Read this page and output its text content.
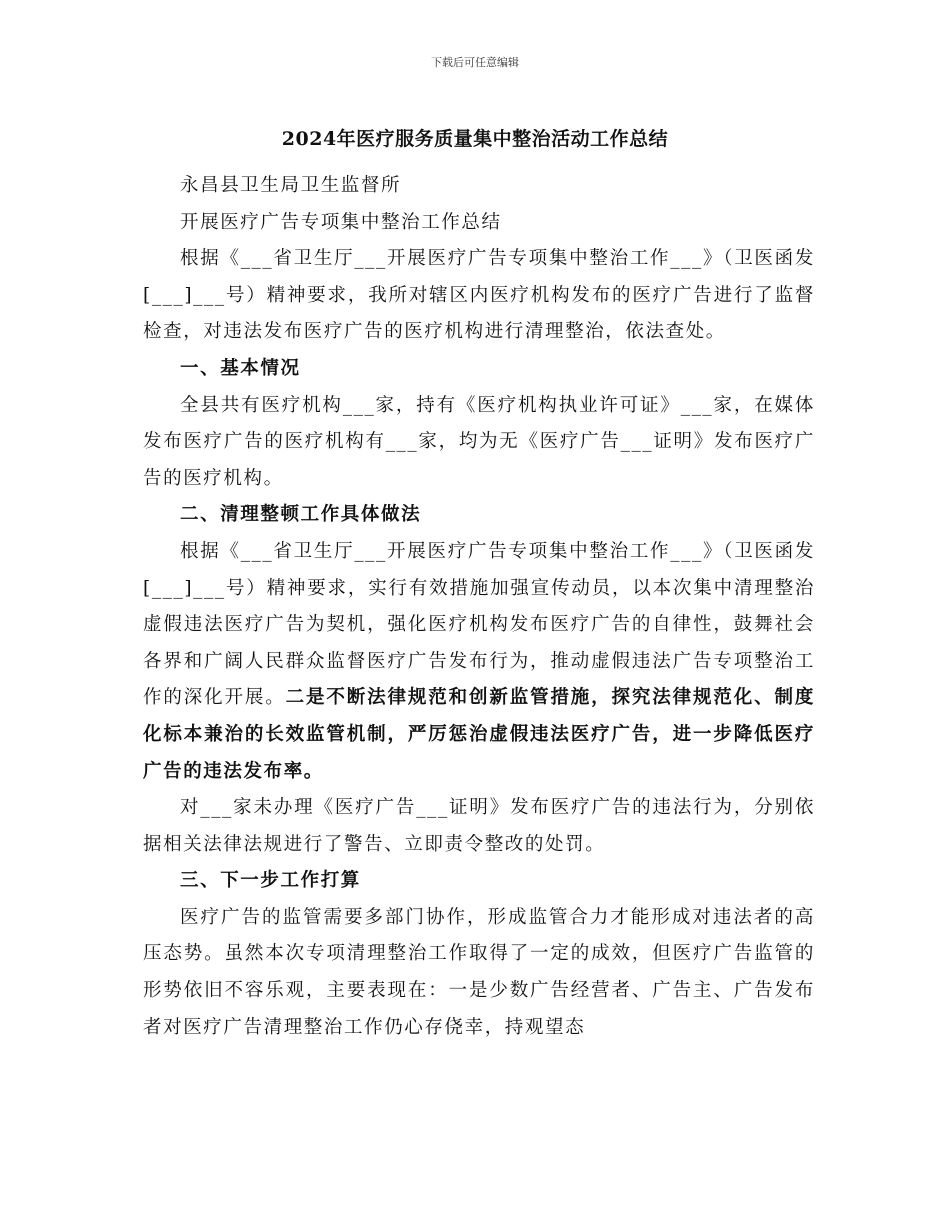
下载后可任意编辑
2024年医疗服务质量集中整治活动工作总结

永昌县卫生局卫生监督所

开展医疗广告专项集中整治工作总结

根据《___省卫生厅___开展医疗广告专项集中整治工作___》（卫医函发[___]___号）精神要求，我所对辖区内医疗机构发布的医疗广告进行了监督检查，对违法发布医疗广告的医疗机构进行清理整治，依法查处。

一、基本情况

全县共有医疗机构___家，持有《医疗机构执业许可证》___家，在媒体发布医疗广告的医疗机构有___家，均为无《医疗广告___证明》发布医疗广告的医疗机构。

二、清理整顿工作具体做法

根据《___省卫生厅___开展医疗广告专项集中整治工作___》（卫医函发[___]___号）精神要求，实行有效措施加强宣传动员，以本次集中清理整治虚假违法医疗广告为契机，强化医疗机构发布医疗广告的自律性，鼓舞社会各界和广阔人民群众监督医疗广告发布行为，推动虚假违法广告专项整治工作的深化开展。二是不断法律规范和创新监管措施，探究法律规范化、制度化标本兼治的长效监管机制，严厉惩治虚假违法医疗广告，进一步降低医疗广告的违法发布率。

对___家未办理《医疗广告___证明》发布医疗广告的违法行为，分别依据相关法律法规进行了警告、立即责令整改的处罚。

三、下一步工作打算

医疗广告的监管需要多部门协作，形成监管合力才能形成对违法者的高压态势。虽然本次专项清理整治工作取得了一定的成效，但医疗广告监管的形势依旧不容乐观，主要表现在：一是少数广告经营者、广告主、广告发布者对医疗广告清理整治工作仍心存侥幸，持观望态
